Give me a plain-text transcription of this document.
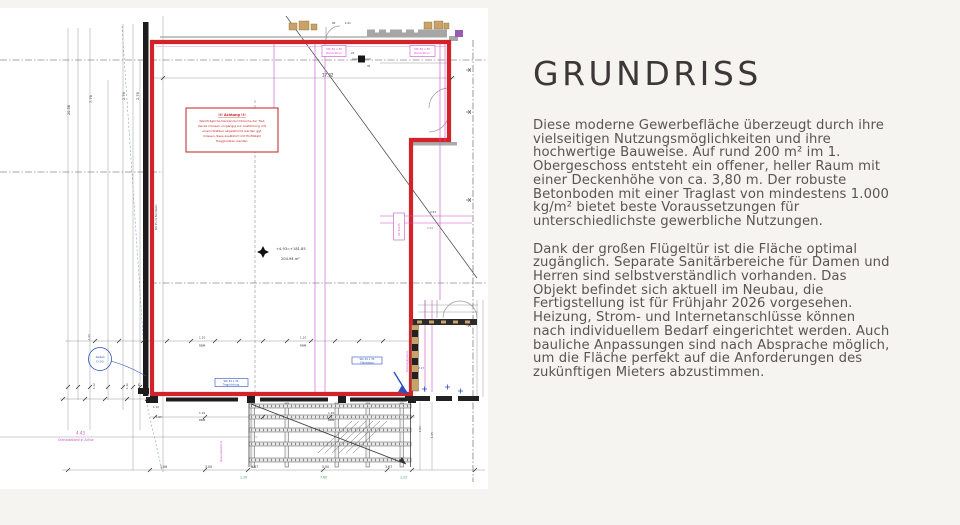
Stb 30 x 35
Rand-Sturz
Stb 30 x 35
Rand-Sturz
UZ 30x35
!!! Achtung !!!
Nachträgliche Deckendurchbrüche der TGA
Decke müssen vorgängig zur Ausführung mit
einem Statiker abgestimmt werden ggf.
müssen diese zusätzlich mit Profilstahl
Traggerüsten werden.
+4.93=+181.85
204.94 m²
24
30
Detail
D-03
Stb 30 x 35
Tragrichtung
Stb 30 x 35
Flachsturz
2.17
17.32
20.58
7.76	2.76	2.76
1.06	3.00	1.87	5.00	3.67
1.10
RBM
1.10
RBM
1.10
RBM
1.10
RBM
1.00
1.12	1.12	1.45
1.13
1.05
2.67
1.50
1.05
90	1.01
Stb 25 cm Sichtbeton
4.43
Grenzabstand in Achse
Grenzabstand
Nutzungsgrenze
2.46
1.10	7.60	1.22
GRUNDRISS
Diese moderne Gewerbefläche überzeugt durch ihre
vielseitigen Nutzungsmöglichkeiten und ihre
hochwertige Bauweise. Auf rund 200 m² im 1.
Obergeschoss entsteht ein offener, heller Raum mit
einer Deckenhöhe von ca. 3,80 m. Der robuste
Betonboden mit einer Traglast von mindestens 1.000
kg/m² bietet beste Voraussetzungen für
unterschiedlichste gewerbliche Nutzungen.
Dank der großen Flügeltür ist die Fläche optimal
zugänglich. Separate Sanitärbereiche für Damen und
Herren sind selbstverständlich vorhanden. Das
Objekt befindet sich aktuell im Neubau, die
Fertigstellung ist für Frühjahr 2026 vorgesehen.
Heizung, Strom- und Internetanschlüsse können
nach individuellem Bedarf eingerichtet werden. Auch
bauliche Anpassungen sind nach Absprache möglich,
um die Fläche perfekt auf die Anforderungen des
zukünftigen Mieters abzustimmen.
